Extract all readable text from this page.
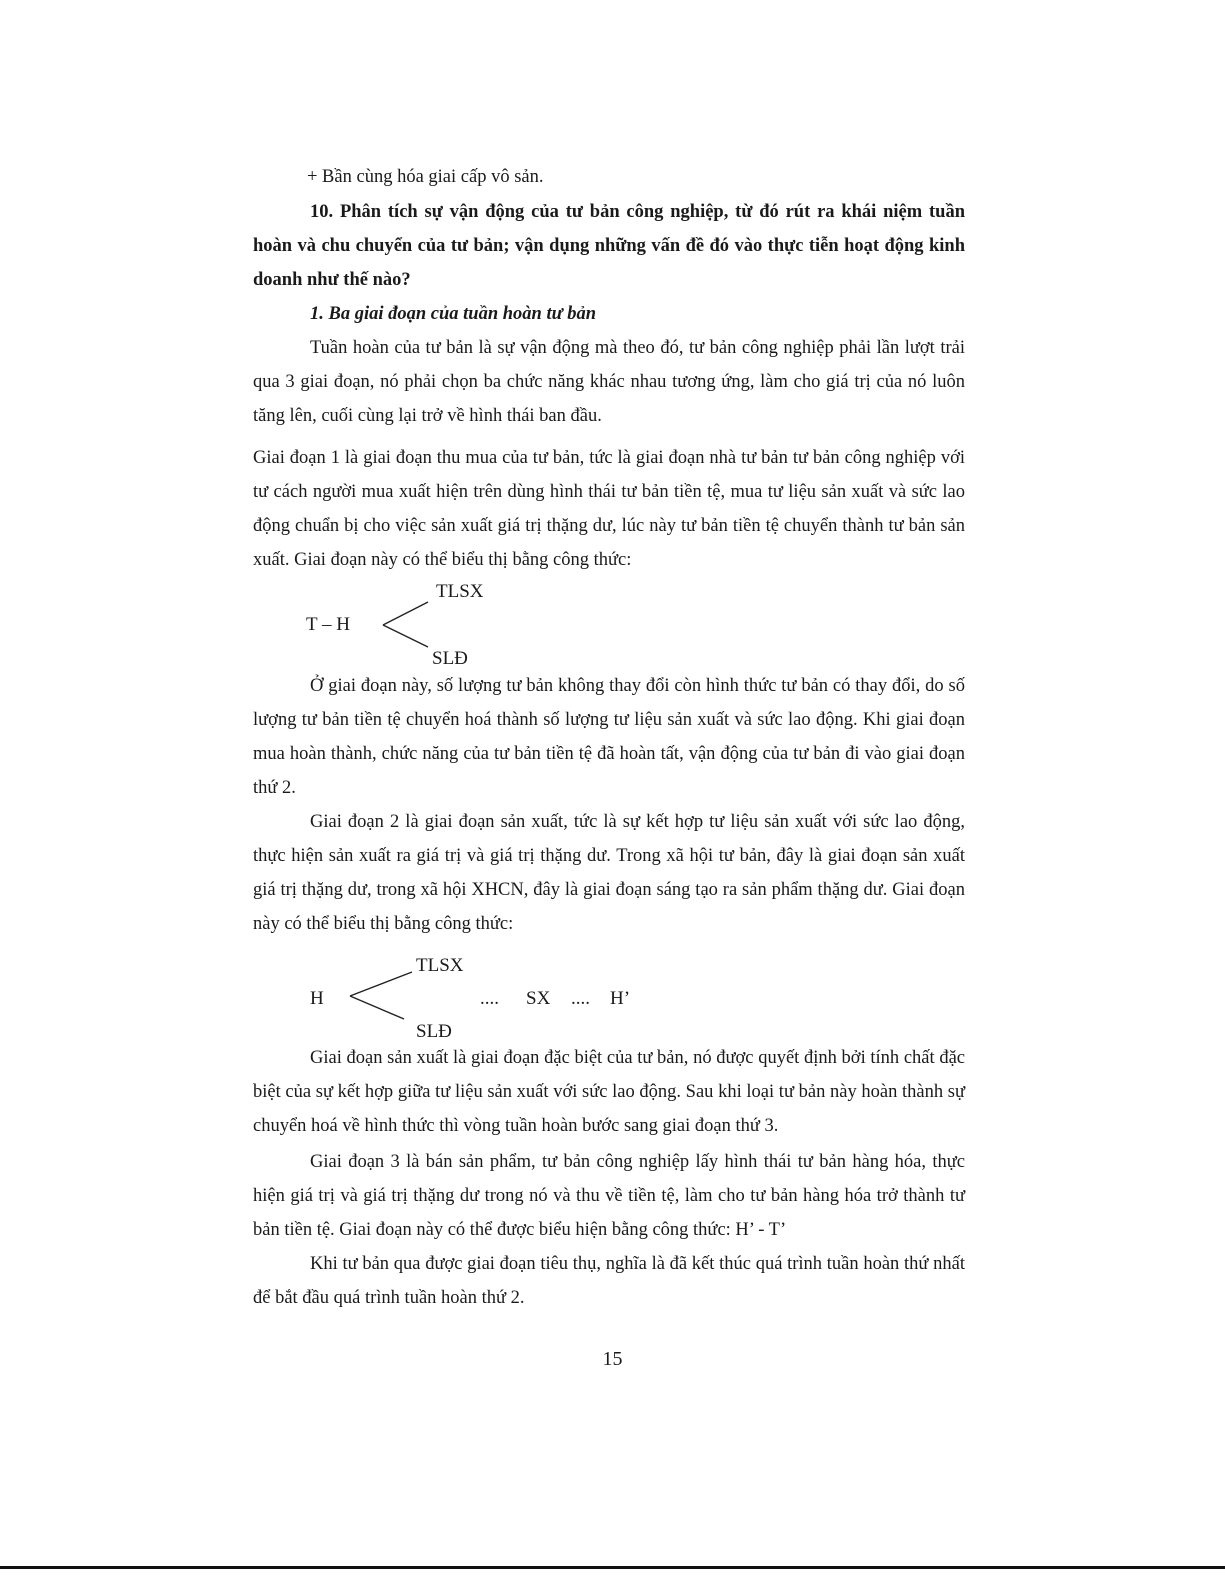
+ Bần cùng hóa giai cấp vô sản.
10. Phân tích sự vận động của tư bản công nghiệp, từ đó rút ra khái niệm tuần hoàn và chu chuyển của tư bản; vận dụng những vấn đề đó vào thực tiễn hoạt động kinh doanh như thế nào?
1. Ba giai đoạn của tuần hoàn tư bản
Tuần hoàn của tư bản là sự vận động mà theo đó, tư bản công nghiệp phải lần lượt trải qua 3 giai đoạn, nó phải chọn ba chức năng khác nhau tương ứng, làm cho giá trị của nó luôn tăng lên, cuối cùng lại trở về hình thái ban đầu.
Giai đoạn 1 là giai đoạn thu mua của tư bản, tức là giai đoạn nhà tư bản tư bản công nghiệp với tư cách người mua xuất hiện trên dùng hình thái tư bản tiền tệ, mua tư liệu sản xuất và sức lao động chuẩn bị cho việc sản xuất giá trị thặng dư, lúc này tư bản tiền tệ chuyển thành tư bản sản xuất. Giai đoạn này có thể biểu thị bằng công thức:
T – H
TLSX
SLĐ
Ở giai đoạn này, số lượng tư bản không thay đổi còn hình thức tư bản có thay đổi, do số lượng tư bản tiền tệ chuyển hoá thành số lượng tư liệu sản xuất và sức lao động. Khi giai đoạn mua hoàn thành, chức năng của tư bản tiền tệ đã hoàn tất, vận động của tư bản đi vào giai đoạn thứ 2.
Giai đoạn 2 là giai đoạn sản xuất, tức là sự kết hợp tư liệu sản xuất với sức lao động, thực hiện sản xuất ra giá trị và giá trị thặng dư. Trong xã hội tư bản, đây là giai đoạn sản xuất giá trị thặng dư, trong xã hội XHCN, đây là giai đoạn sáng tạo ra sản phẩm thặng dư. Giai đoạn này có thể biểu thị bằng công thức:
H
TLSX
SLĐ
.... SX .... H’
Giai đoạn sản xuất là giai đoạn đặc biệt của tư bản, nó được quyết định bởi tính chất đặc biệt của sự kết hợp giữa tư liệu sản xuất với sức lao động. Sau khi loại tư bản này hoàn thành sự chuyển hoá về hình thức thì vòng tuần hoàn bước sang giai đoạn thứ 3.
Giai đoạn 3 là bán sản phẩm, tư bản công nghiệp lấy hình thái tư bản hàng hóa, thực hiện giá trị và giá trị thặng dư trong nó và thu về tiền tệ, làm cho tư bản hàng hóa trở thành tư bản tiền tệ. Giai đoạn này có thể được biểu hiện bằng công thức: H’ - T’
Khi tư bản qua được giai đoạn tiêu thụ, nghĩa là đã kết thúc quá trình tuần hoàn thứ nhất để bắt đầu quá trình tuần hoàn thứ 2.
15
